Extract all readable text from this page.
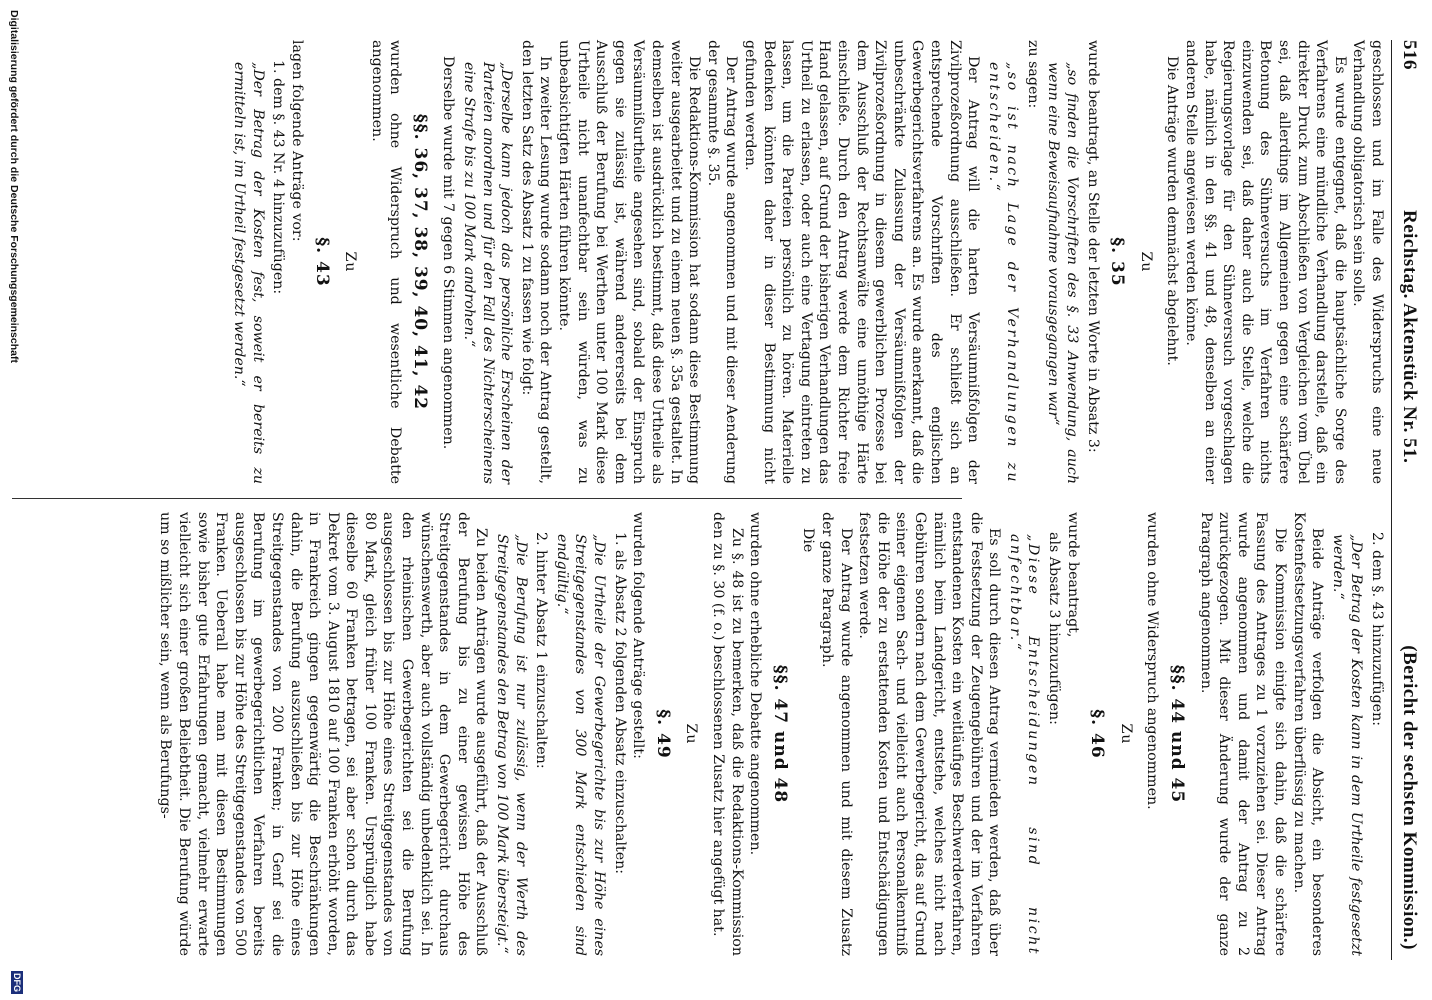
516
Reichstag. Aktenstück Nr. 51.
(Bericht der sechsten Kommission.)

geschlossen und im Falle des Widerspruchs eine neue Verhandlung obligatorisch sein solle.

Es wurde entgegnet, daß die hauptsächliche Sorge des Verfahrens eine mündliche Verhandlung darstelle, daß ein direkter Druck zum Abschließen von Vergleichen vom Übel sei, daß allerdings im Allgemeinen gegen eine schärfere Betonung des Sühneversuchs im Verfahren nichts einzuwenden sei, daß daher auch die Stelle, welche die Regierungsvorlage für den Sühneversuch vorgeschlagen habe, nämlich in den §§. 41 und 48, denselben an einer anderen Stelle angewiesen werden könne.

Die Anträge wurden demnächst abgelehnt.

Zu
§. 35

wurde beantragt, an Stelle der letzten Worte in Absatz 3:

„so finden die Vorschriften des §. 33 Anwendung, auch wenn eine Beweisaufnahme vorausgegangen war“

zu sagen:

„so ist nach Lage der Verhandlungen zu entscheiden.“

Der Antrag will die harten Versäumnißfolgen der Zivilprozeßordnung ausschließen. Er schließt sich an entsprechende Vorschriften des englischen Gewerbegerichtsverfahrens an. Es wurde anerkannt, daß die unbeschränkte Zulassung der Versäumnißfolgen der Zivilprozeßordnung in diesem gewerblichen Prozesse bei dem Ausschluß der Rechtsanwälte eine unnöthige Härte einschließe. Durch den Antrag werde dem Richter freie Hand gelassen, auf Grund der bisherigen Verhandlungen das Urtheil zu erlassen, oder auch eine Vertagung eintreten zu lassen, um die Parteien persönlich zu hören. Materielle Bedenken könnten daher in dieser Bestimmung nicht gefunden werden.

Der Antrag wurde angenommen und mit dieser Aenderung der gesammte §. 35.

Die Redaktions-Kommission hat sodann diese Bestimmung weiter ausgearbeitet und zu einem neuen §. 35a gestaltet. In demselben ist ausdrücklich bestimmt, daß diese Urtheile als Versäumnißurtheile angesehen sind, sobald der Einspruch gegen sie zulässig ist, während andererseits bei dem Ausschluß der Berufung bei Werthen unter 100 Mark diese Urtheile nicht unanfechtbar sein würden, was zu unbeabsichtigten Härten führen könnte.

In zweiter Lesung wurde sodann noch der Antrag gestellt, den letzten Satz des Absatz 1 zu fassen wie folgt:

„Derselbe kann jedoch das persönliche Erscheinen der Parteien anordnen und für den Fall des Nichterscheinens eine Strafe bis zu 100 Mark androhen.“

Derselbe wurde mit 7 gegen 6 Stimmen angenommen.

§§. 36, 37, 38, 39, 40, 41, 42

wurden ohne Widerspruch und wesentliche Debatte angenommen.

Zu
§. 43

lagen folgende Anträge vor:

1. dem §. 43 Nr. 4 hinzuzufügen:

„Der Betrag der Kosten fest, soweit er bereits zu ermitteln ist, im Urtheil festgesetzt werden.“

2. dem §. 43 hinzuzufügen:

„Der Betrag der Kosten kann in dem Urtheile festgesetzt werden.“

Beide Anträge verfolgen die Absicht, ein besonderes Kostenfestsetzungsverfahren überflüssig zu machen.

Die Kommission einigte sich dahin, daß die schärfere Fassung des Antrages zu 1 vorzuziehen sei. Dieser Antrag wurde angenommen und damit der Antrag zu 2 zurückgezogen. Mit dieser Änderung wurde der ganze Paragraph angenommen.

§§. 44 und 45

wurden ohne Widerspruch angenommen.

Zu
§. 46

wurde beantragt,

als Absatz 3 hinzuzufügen:

„Diese Entscheidungen sind nicht anfechtbar.“

Es soll durch diesen Antrag vermieden werden, daß über die Festsetzung der Zeugengebühren und der im Verfahren entstandenen Kosten ein weitläufiges Beschwerdeverfahren, nämlich beim Landgericht, entstehe, welches nicht nach Gebühren sondern nach dem Gewerbegericht, das auf Grund seiner eigenen Sach- und vielleicht auch Personalkenntniß die Höhe der zu erstattenden Kosten und Entschädigungen festsetzen werde.

Der Antrag wurde angenommen und mit diesem Zusatz der ganze Paragraph.

Die

§§. 47 und 48

wurden ohne erhebliche Debatte angenommen.

Zu §. 48 ist zu bemerken, daß die Redaktions-Kommission den zu §. 30 (f. o.) beschlossenen Zusatz hier angefügt hat.

Zu
§. 49

wurden folgende Anträge gestellt:

1. als Absatz 2 folgenden Absatz einzuschalten:

„Die Urtheile der Gewerbegerichte bis zur Höhe eines Streitgegenstandes von 300 Mark entschieden sind endgültig.“

2. hinter Absatz 1 einzuschalten:

„Die Berufung ist nur zulässig, wenn der Werth des Streitgegenstandes den Betrag von 100 Mark übersteigt.“

Zu beiden Anträgen wurde ausgeführt, daß der Ausschluß der Berufung bis zu einer gewissen Höhe des Streitgegenstandes in dem Gewerbegericht durchaus wünschenswerth, aber auch vollständig unbedenklich sei. In den rheinischen Gewerbegerichten sei die Berufung ausgeschlossen bis zur Höhe eines Streitgegenstandes von 80 Mark, gleich früher 100 Franken. Ursprünglich habe dieselbe 60 Franken betragen, sei aber schon durch das Dekret vom 3. August 1810 auf 100 Franken erhöht worden, in Frankreich gingen gegenwärtig die Beschränkungen dahin, die Berufung auszuschließen bis zur Höhe eines Streitgegenstandes von 200 Franken; in Genf sei die Berufung im gewerbegerichtlichen Verfahren bereits ausgeschlossen bis zur Höhe des Streitgegenstandes von 500 Franken. Ueberall habe man mit diesen Bestimmungen sowie bisher gute Erfahrungen gemacht, vielmehr erwarte vielleicht sich einer großen Beliebtheit. Die Berufung würde um so mißlicher sein, wenn als Berufungs-

Digitalisierung gefördert durch die Deutsche Forschungsgemeinschaft
DFG
